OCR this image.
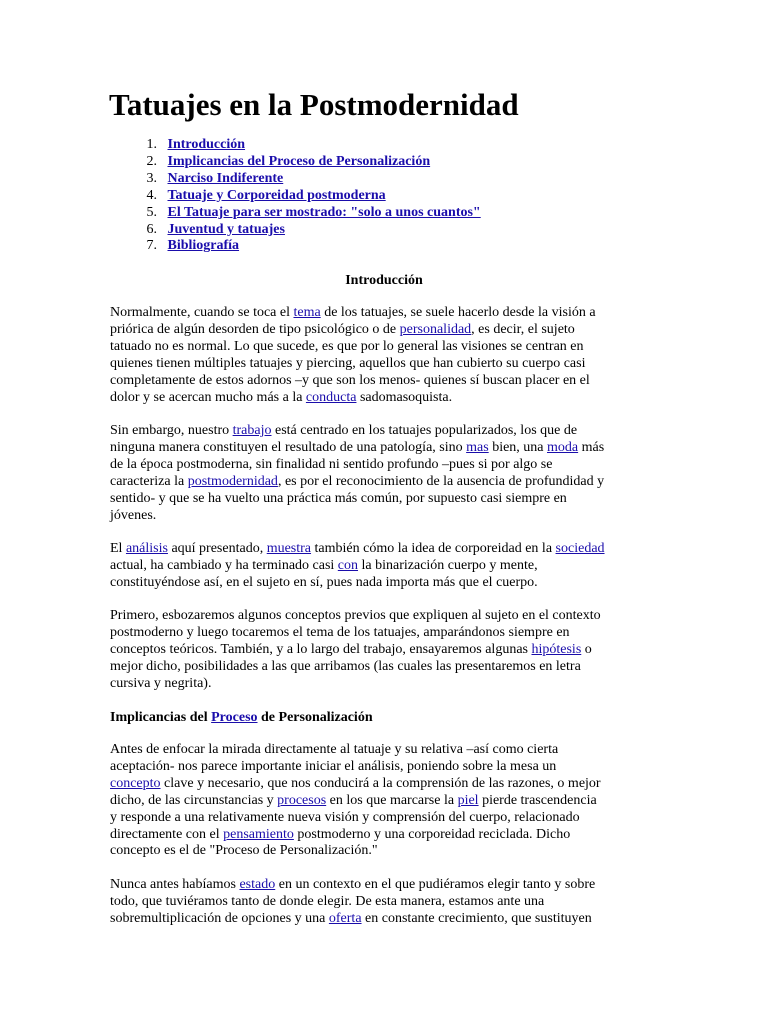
Tatuajes en la Postmodernidad
1.
Introducción
2.
Implicancias del Proceso de Personalización
3.
Narciso Indiferente
4.
Tatuaje y Corporeidad postmoderna
5.
El Tatuaje para ser mostrado: "solo a unos cuantos"
6.
Juventud y tatuajes
7.
Bibliografía
Introducción

Normalmente, cuando se toca el tema de los tatuajes, se suele hacerlo desde la visión a
priórica de algún desorden de tipo psicológico o de personalidad, es decir, el sujeto
tatuado no es normal. Lo que sucede, es que por lo general las visiones se centran en
quienes tienen múltiples tatuajes y piercing, aquellos que han cubierto su cuerpo casi
completamente de estos adornos –y que son los menos- quienes sí buscan placer en el
dolor y se acercan mucho más a la conducta sadomasoquista.

Sin embargo, nuestro trabajo está centrado en los tatuajes popularizados, los que de
ninguna manera constituyen el resultado de una patología, sino mas bien, una moda más
de la época postmoderna, sin finalidad ni sentido profundo –pues si por algo se
caracteriza la postmodernidad, es por el reconocimiento de la ausencia de profundidad y
sentido- y que se ha vuelto una práctica más común, por supuesto casi siempre en
jóvenes.

El análisis aquí presentado, muestra también cómo la idea de corporeidad en la sociedad
actual, ha cambiado y ha terminado casi con la binarización cuerpo y mente,
constituyéndose así, en el sujeto en sí, pues nada importa más que el cuerpo.

Primero, esbozaremos algunos conceptos previos que expliquen al sujeto en el contexto
postmoderno y luego tocaremos el tema de los tatuajes, amparándonos siempre en
conceptos teóricos. También, y a lo largo del trabajo, ensayaremos algunas hipótesis o
mejor dicho, posibilidades a las que arribamos (las cuales las presentaremos en letra
cursiva y negrita).

Implicancias del Proceso de Personalización

Antes de enfocar la mirada directamente al tatuaje y su relativa –así como cierta
aceptación- nos parece importante iniciar el análisis, poniendo sobre la mesa un
concepto clave y necesario, que nos conducirá a la comprensión de las razones, o mejor
dicho, de las circunstancias y procesos en los que marcarse la piel pierde trascendencia
y responde a una relativamente nueva visión y comprensión del cuerpo, relacionado
directamente con el pensamiento postmoderno y una corporeidad reciclada. Dicho
concepto es el de "Proceso de Personalización."

Nunca antes habíamos estado en un contexto en el que pudiéramos elegir tanto y sobre
todo, que tuviéramos tanto de donde elegir. De esta manera, estamos ante una
sobremultiplicación de opciones y una oferta en constante crecimiento, que sustituyen
